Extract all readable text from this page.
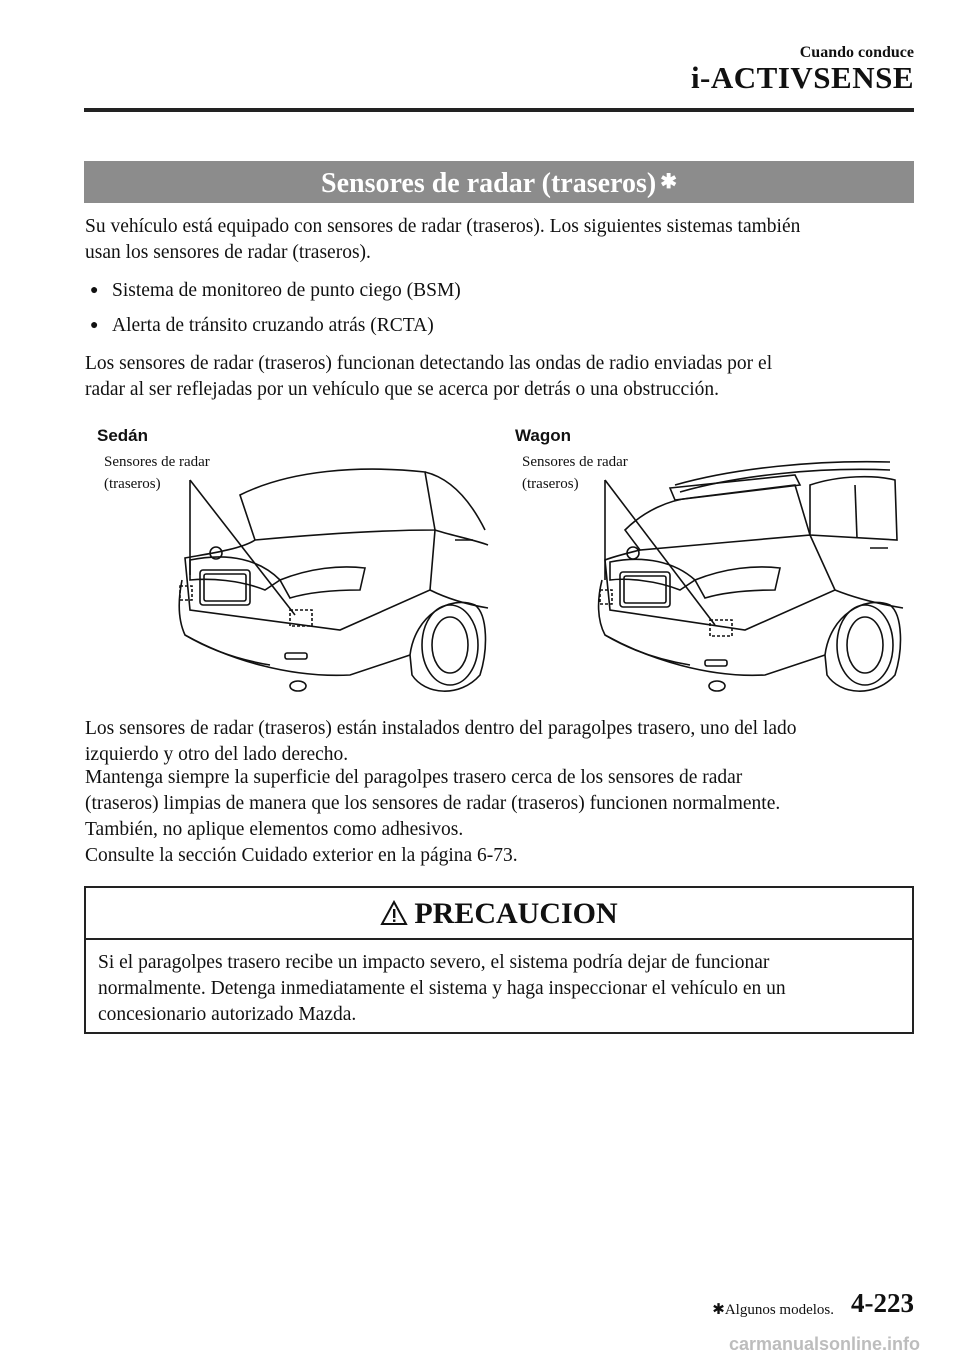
Cuando conduce
i-ACTIVSENSE
Sensores de radar (traseros) ✱
Su vehículo está equipado con sensores de radar (traseros). Los siguientes sistemas también
usan los sensores de radar (traseros).
● Sistema de monitoreo de punto ciego (BSM)
● Alerta de tránsito cruzando atrás (RCTA)
Los sensores de radar (traseros) funcionan detectando las ondas de radio enviadas por el
radar al ser reflejadas por un vehículo que se acerca por detrás o una obstrucción.
Sedán
Sensores de radar
(traseros)
Wagon
Sensores de radar
(traseros)
Los sensores de radar (traseros) están instalados dentro del paragolpes trasero, uno del lado
izquierdo y otro del lado derecho.
Mantenga siempre la superficie del paragolpes trasero cerca de los sensores de radar
(traseros) limpias de manera que los sensores de radar (traseros) funcionen normalmente.
También, no aplique elementos como adhesivos.
Consulte la sección Cuidado exterior en la página 6-73.
PRECAUCION
Si el paragolpes trasero recibe un impacto severo, el sistema podría dejar de funcionar
normalmente. Detenga inmediatamente el sistema y haga inspeccionar el vehículo en un
concesionario autorizado Mazda.
✱Algunos modelos. 4-223
carmanualsonline.info
